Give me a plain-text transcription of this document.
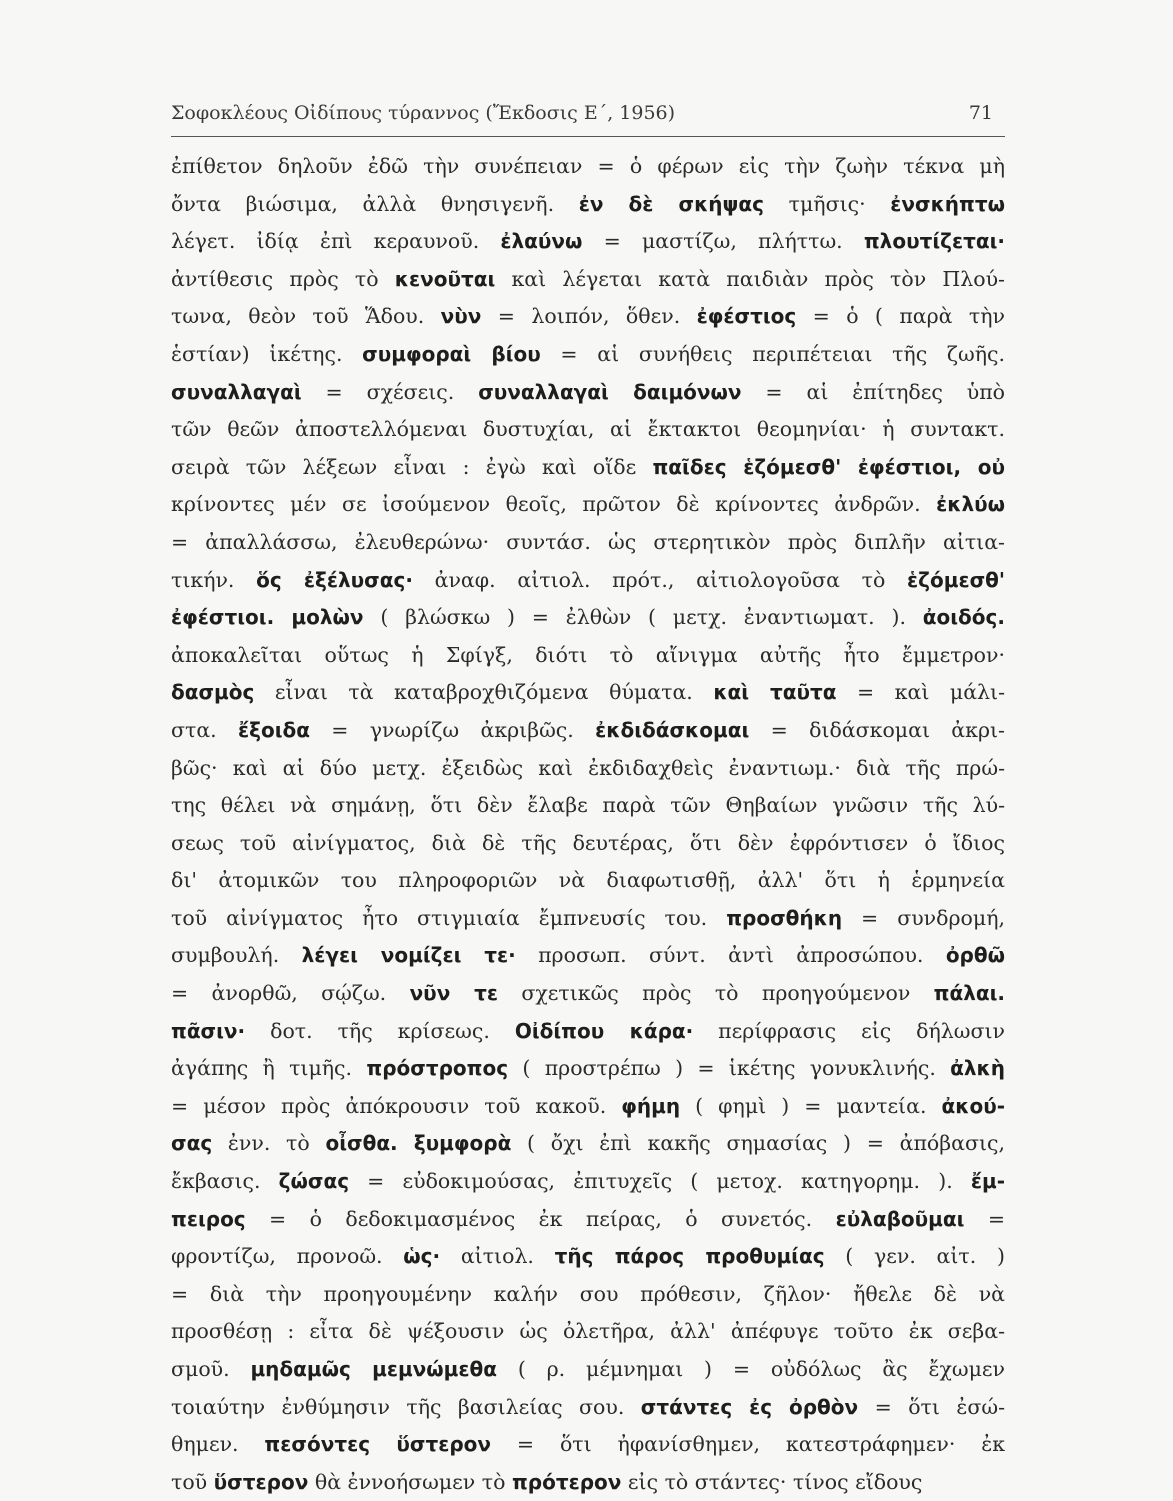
Σοφοκλέους Οἰδίπους τύραννος (Ἔκδοσις Ε΄, 1956)	71
ἐπίθετον δηλοῦν ἐδῶ τὴν συνέπειαν = ὁ φέρων εἰς τὴν ζωὴν τέκνα μὴ
ὄντα βιώσιμα, ἀλλὰ θνησιγενῆ. ἐν δὲ σκήψας τμῆσις· ἐνσκήπτω
λέγετ. ἰδίᾳ ἐπὶ κεραυνοῦ. ἐλαύνω = μαστίζω, πλήττω. πλουτίζεται·
ἀντίθεσις πρὸς τὸ κενοῦται καὶ λέγεται κατὰ παιδιὰν πρὸς τὸν Πλού-
τωνα, θεὸν τοῦ Ἅδου. νὺν = λοιπόν, ὅθεν. ἐφέστιος = ὁ ( παρὰ τὴν
ἑστίαν) ἱκέτης. συμφοραὶ βίου = αἱ συνήθεις περιπέτειαι τῆς ζωῆς.
συναλλαγαὶ = σχέσεις. συναλλαγαὶ δαιμόνων = αἱ ἐπίτηδες ὑπὸ
τῶν θεῶν ἀποστελλόμεναι δυστυχίαι, αἱ ἔκτακτοι θεομηνίαι· ἡ συντακτ.
σειρὰ τῶν λέξεων εἶναι : ἐγὼ καὶ οἵδε παῖδες ἑζόμεσθ' ἐφέστιοι, οὐ
κρίνοντες μέν σε ἰσούμενον θεοῖς, πρῶτον δὲ κρίνοντες ἀνδρῶν. ἐκλύω
= ἀπαλλάσσω, ἐλευθερώνω· συντάσ. ὡς στερητικὸν πρὸς διπλῆν αἰτια-
τικήν. ὅς ἐξέλυσας· ἀναφ. αἰτιολ. πρότ., αἰτιολογοῦσα τὸ ἑζόμεσθ'
ἐφέστιοι. μολὼν ( βλώσκω ) = ἐλθὼν ( μετχ. ἐναντιωματ. ). ἀοιδός.
ἀποκαλεῖται οὕτως ἡ Σφίγξ, διότι τὸ αἴνιγμα αὐτῆς ἦτο ἔμμετρον·
δασμὸς εἶναι τὰ καταβροχθιζόμενα θύματα. καὶ ταῦτα = καὶ μάλι-
στα. ἔξοιδα = γνωρίζω ἀκριβῶς. ἐκδιδάσκομαι = διδάσκομαι ἀκρι-
βῶς· καὶ αἱ δύο μετχ. ἐξειδὼς καὶ ἐκδιδαχθεὶς ἐναντιωμ.· διὰ τῆς πρώ-
της θέλει νὰ σημάνῃ, ὅτι δὲν ἔλαβε παρὰ τῶν Θηβαίων γνῶσιν τῆς λύ-
σεως τοῦ αἰνίγματος, διὰ δὲ τῆς δευτέρας, ὅτι δὲν ἐφρόντισεν ὁ ἴδιος
δι' ἀτομικῶν του πληροφοριῶν νὰ διαφωτισθῇ, ἀλλ' ὅτι ἡ ἑρμηνεία
τοῦ αἰνίγματος ἦτο στιγμιαία ἔμπνευσίς του. προσθήκη = συνδρομή,
συμβουλή. λέγει νομίζει τε· προσωπ. σύντ. ἀντὶ ἀπροσώπου. ὀρθῶ
= ἀνορθῶ, σῴζω. νῦν τε σχετικῶς πρὸς τὸ προηγούμενον πάλαι.
πᾶσιν· δοτ. τῆς κρίσεως. Οἰδίπου κάρα· περίφρασις εἰς δήλωσιν
ἀγάπης ἢ τιμῆς. πρόστροπος ( προστρέπω ) = ἱκέτης γονυκλινής. ἀλκὴ
= μέσον πρὸς ἀπόκρουσιν τοῦ κακοῦ. φήμη ( φημὶ ) = μαντεία. ἀκού-
σας ἐνν. τὸ οἶσθα. ξυμφορὰ ( ὄχι ἐπὶ κακῆς σημασίας ) = ἀπόβασις,
ἔκβασις. ζώσας = εὐδοκιμούσας, ἐπιτυχεῖς ( μετοχ. κατηγορημ. ). ἔμ-
πειρος = ὁ δεδοκιμασμένος ἐκ πείρας, ὁ συνετός. εὐλαβοῦμαι =
φροντίζω, προνοῶ. ὡς· αἰτιολ. τῆς πάρος προθυμίας ( γεν. αἰτ. )
= διὰ τὴν προηγουμένην καλήν σου πρόθεσιν, ζῆλον· ἤθελε δὲ νὰ
προσθέσῃ : εἶτα δὲ ψέξουσιν ὡς ὀλετῆρα, ἀλλ' ἀπέφυγε τοῦτο ἐκ σεβα-
σμοῦ. μηδαμῶς μεμνώμεθα ( ρ. μέμνημαι ) = οὐδόλως ἂς ἔχωμεν
τοιαύτην ἐνθύμησιν τῆς βασιλείας σου. στάντες ἐς ὀρθὸν = ὅτι ἐσώ-
θημεν. πεσόντες ὕστερον = ὅτι ἠφανίσθημεν, κατεστράφημεν· ἐκ
τοῦ ὕστερον θὰ ἐννοήσωμεν τὸ πρότερον εἰς τὸ στάντες· τίνος εἴδους
